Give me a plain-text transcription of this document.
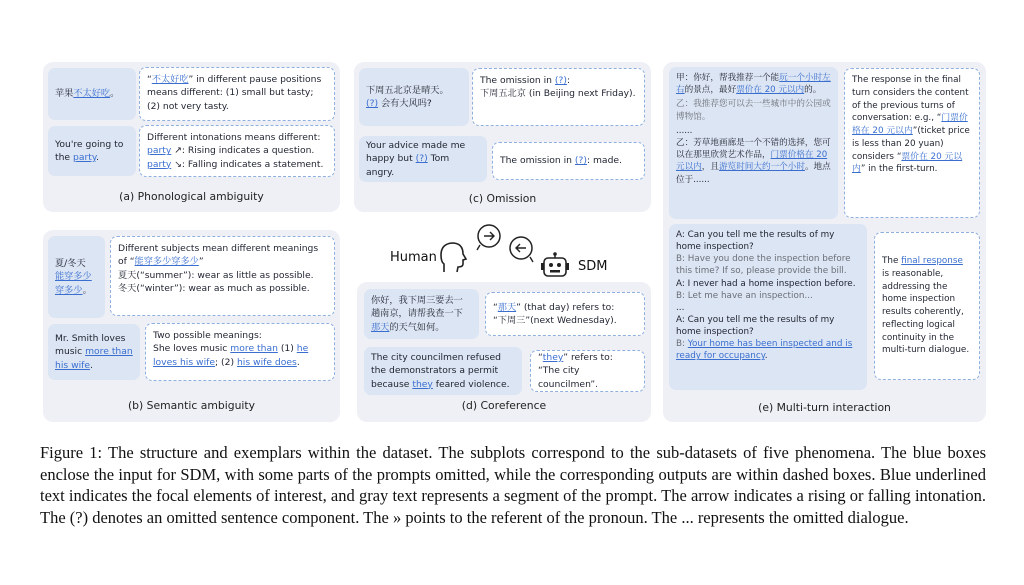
苹果不太好吃。
“不太好吃” in different pause positions means different: (1) small but tasty; (2) not very tasty.
You're going to the party.
Different intonations means different:
party ↗: Rising indicates a question.
party ↘: Falling indicates a statement.
(a) Phonological ambiguity
夏/冬天
能穿多少穿多少。
Different subjects mean different meanings of “能穿多少穿多少”
夏天(“summer”): wear as little as possible.
冬天(“winter”): wear as much as possible.
Mr. Smith loves music more than his wife.
Two possible meanings:
She loves music more than (1) he loves his wife; (2) his wife does.
(b) Semantic ambiguity
下周五北京是晴天。
(?) 会有大风吗?
The omission in (?):
下周五北京 (in Beijing next Friday).
Your advice made me happy but (?) Tom angry.
The omission in (?): made.
(c) Omission
Human
SDM
你好，我下周三要去一趟南京，请帮我查一下那天的天气如何。
“那天” (that day) refers to:
“下周三”(next Wednesday).
The city councilmen refused the demonstrators a permit because they feared violence.
“they” refers to:
“The city councilmen”.
(d) Coreference
甲：你好，帮我推荐一个能玩一个小时左右的景点，最好票价在 20 元以内的。
乙：我推荐您可以去一些城市中的公园或博物馆。
......
乙：芳草地画廊是一个不错的选择，您可以在那里欣赏艺术作品，门票价格在 20 元以内，且游览时间大约一个小时。地点位于......
The response in the final turn considers the content of the previous turns of conversation: e.g., “门票价格在 20 元以内”(ticket price is less than 20 yuan) considers “票价在 20 元以内” in the first-turn.
A: Can you tell me the results of my home inspection?
B: Have you done the inspection before this time? If so, please provide the bill.
A: I never had a home inspection before.
B: Let me have an inspection...
...
A: Can you tell me the results of my home inspection?
B: Your home has been inspected and is ready for occupancy.
The final response is reasonable, addressing the home inspection results coherently, reflecting logical continuity in the multi-turn dialogue.
(e) Multi-turn interaction
Figure 1: The structure and exemplars within the dataset. The subplots correspond to the sub-datasets of five phenomena. The blue boxes enclose the input for SDM, with some parts of the prompts omitted, while the corresponding outputs are within dashed boxes. Blue underlined text indicates the focal elements of interest, and gray text represents a segment of the prompt. The arrow indicates a rising or falling intonation. The (?) denotes an omitted sentence component. The » points to the referent of the pronoun. The ... represents the omitted dialogue.
